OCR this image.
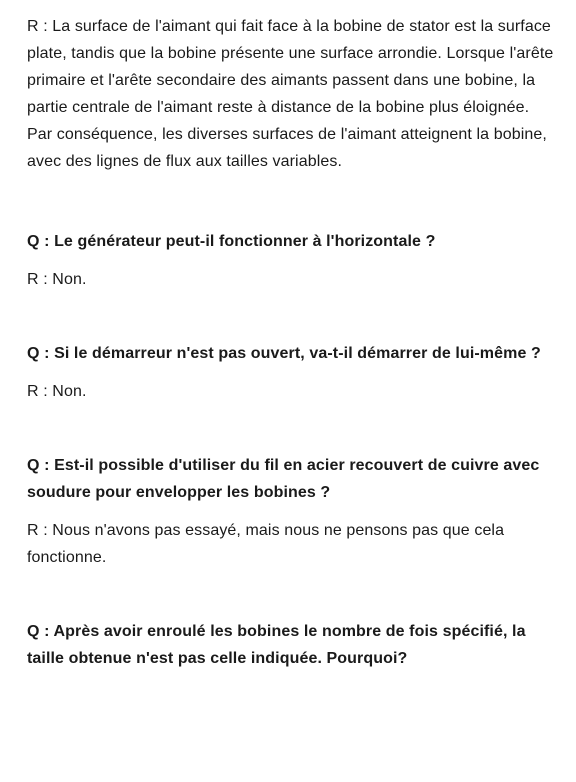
R : La surface de l'aimant qui fait face à la bobine de stator est la surface plate, tandis que la bobine présente une surface arrondie. Lorsque l'arête primaire et l'arête secondaire des aimants passent dans une bobine, la partie centrale de l'aimant reste à distance de la bobine plus éloignée. Par conséquence, les diverses surfaces de l'aimant atteignent la bobine, avec des lignes de flux aux tailles variables.

Q : Le générateur peut-il fonctionner à l'horizontale ?

R : Non.

Q : Si le démarreur n'est pas ouvert, va-t-il démarrer de lui-même ?

R : Non.

Q : Est-il possible d'utiliser du fil en acier recouvert de cuivre avec soudure pour envelopper les bobines ?

R : Nous n'avons pas essayé, mais nous ne pensons pas que cela fonctionne.

Q : Après avoir enroulé les bobines le nombre de fois spécifié, la taille obtenue n'est pas celle indiquée. Pourquoi?
